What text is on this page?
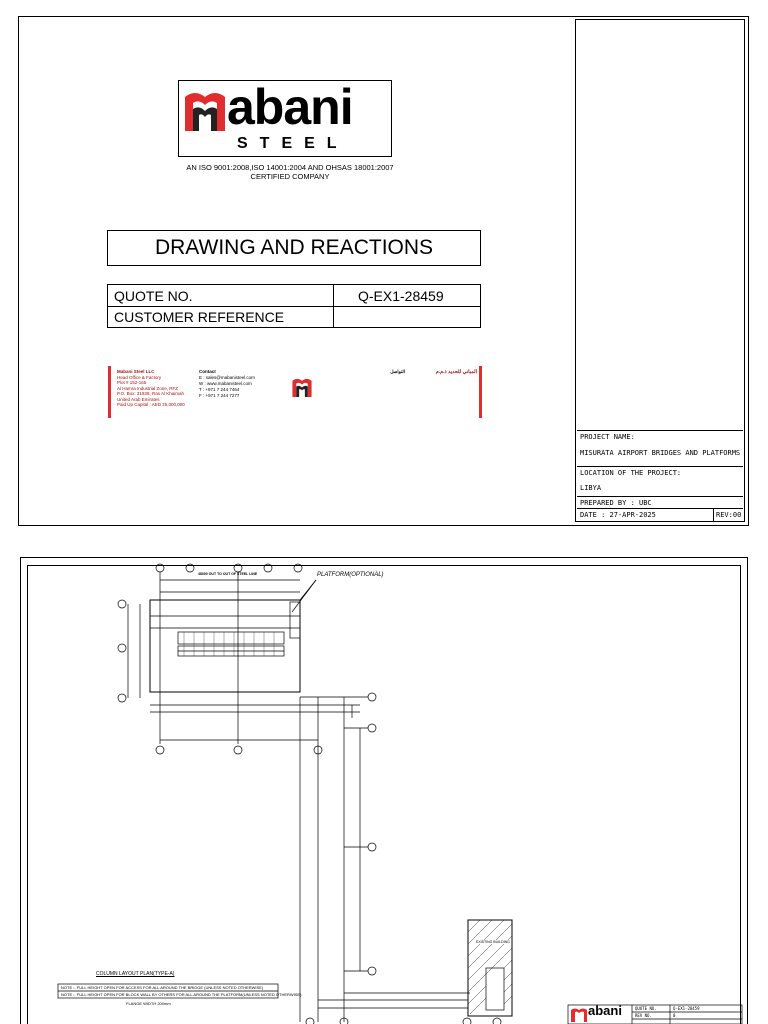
abani
STEEL
AN ISO 9001:2008,ISO 14001:2004 AND OHSAS 18001:2007
CERTIFIED COMPANY
DRAWING AND REACTIONS
QUOTE NO.	Q-EX1-28459
CUSTOMER REFERENCE
Mabani Steel LLC
Head Office & Factory
Plot # 152-165
Al Hamra Industrial Zone, RFZ
P.O. Box: 31938, Ras Al Khaimah
United Arab Emirates
Paid Up Capital : AED 25,000,000
Contact
E : sales@mabanisteel.com
W : www.mabanisteel.com
T : +971 7 244 7464
F : +971 7 244 7277
التواصل	المباني للحديد ذ.م.م
PROJECT NAME:
MISURATA AIRPORT BRIDGES AND PLATFORMS
LOCATION OF THE PROJECT:
LIBYA
PREPARED BY : UBC
DATE : 27-APR-2025	REV:00
48000 OUT TO OUT OF STEEL LINE	PLATFORM(OPTIONAL)
EXISTING BUILDING
COLUMN LAYOUT PLAN(TYPE-A)
NOTE :- FULL HEIGHT OPEN FOR ACCESS FOR ALL AROUND THE BRIDGE (UNLESS NOTED OTHERWISE)
NOTE :- FULL HEIGHT OPEN FOR BLOCK WALL BY OTHERS FOR ALL AROUND THE PLATFORM(UNLESS NOTED OTHERWISE)
FLANGE WIDTH 200mm	abani	QUOTE NO.	Q-EX1-28459
REV NO.	0
